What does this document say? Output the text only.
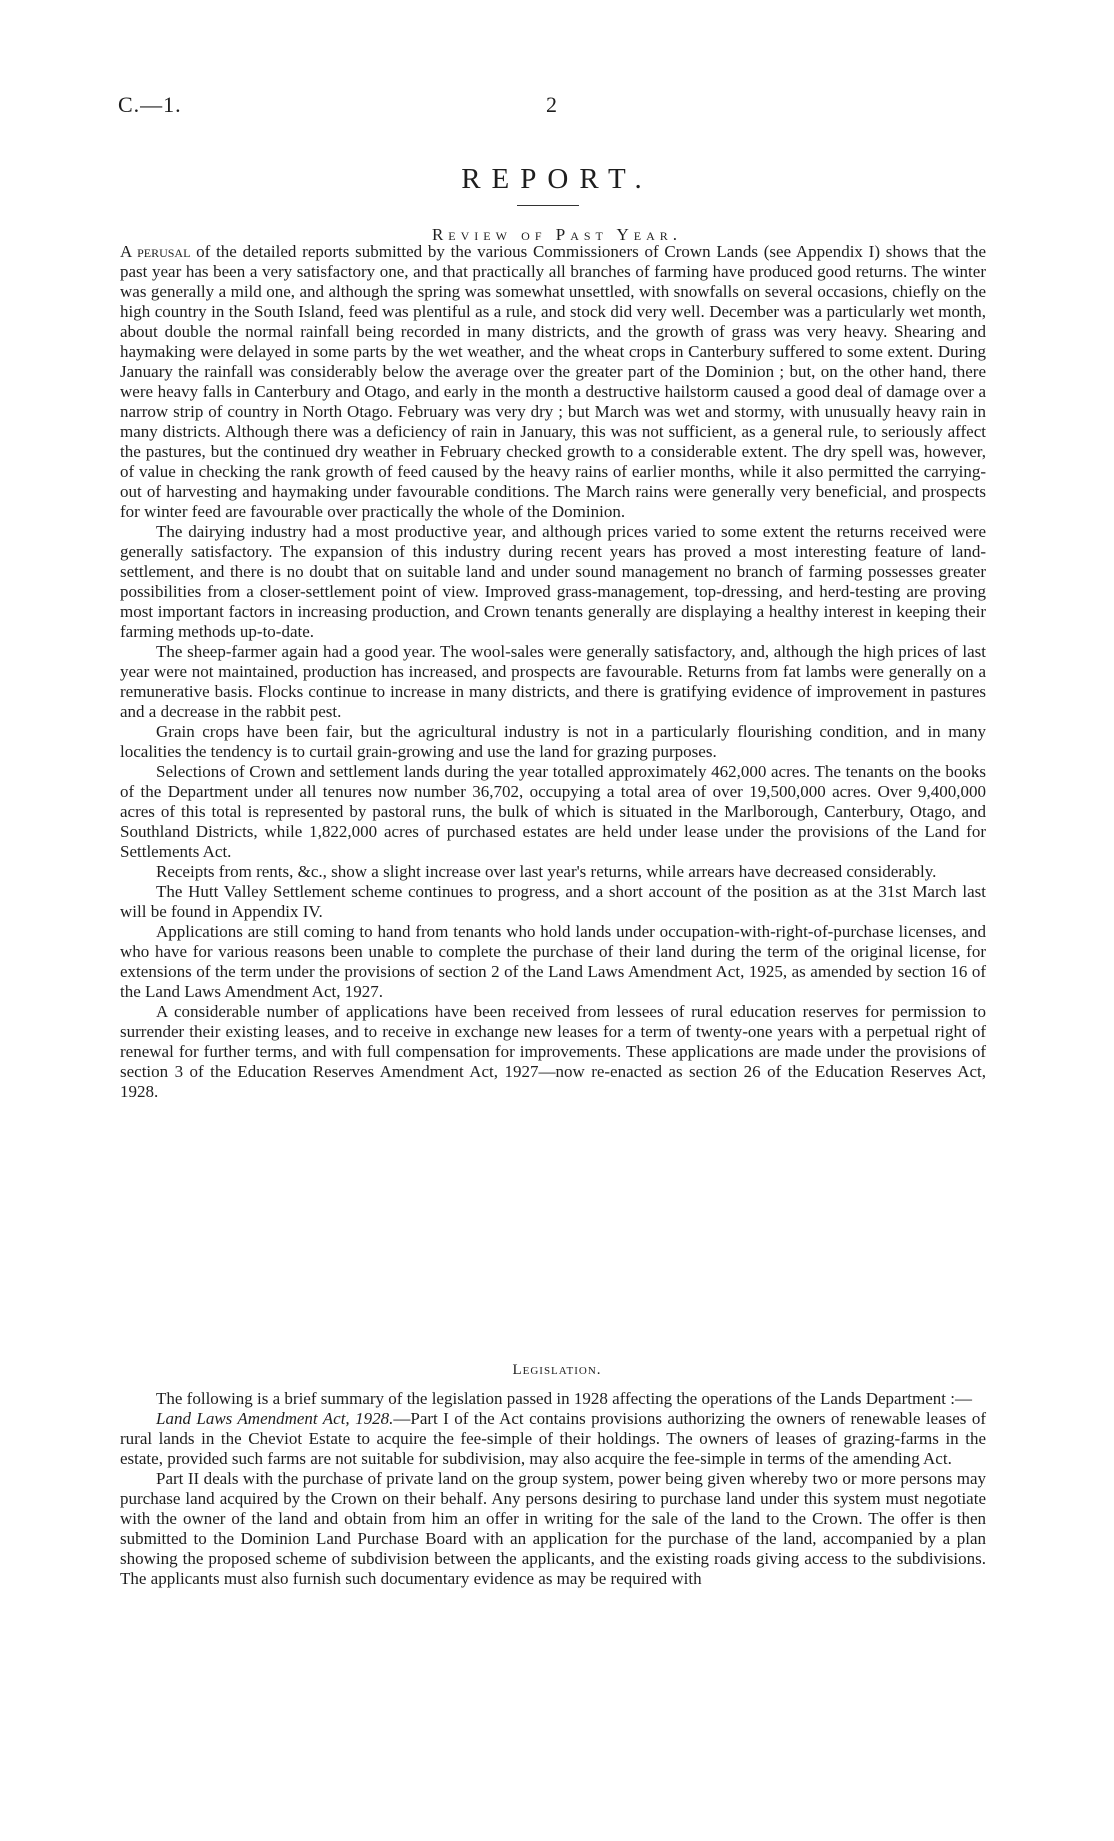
C.—1.	2
REPORT.
Review of Past Year.

A perusal of the detailed reports submitted by the various Commissioners of Crown Lands (see Appendix I) shows that the past year has been a very satisfactory one, and that practically all branches of farming have produced good returns. The winter was generally a mild one, and although the spring was somewhat unsettled, with snowfalls on several occasions, chiefly on the high country in the South Island, feed was plentiful as a rule, and stock did very well. December was a particularly wet month, about double the normal rainfall being recorded in many districts, and the growth of grass was very heavy. Shearing and haymaking were delayed in some parts by the wet weather, and the wheat crops in Canterbury suffered to some extent. During January the rainfall was considerably below the average over the greater part of the Dominion ; but, on the other hand, there were heavy falls in Canterbury and Otago, and early in the month a destructive hailstorm caused a good deal of damage over a narrow strip of country in North Otago. February was very dry ; but March was wet and stormy, with unusually heavy rain in many districts. Although there was a deficiency of rain in January, this was not sufficient, as a general rule, to seriously affect the pastures, but the continued dry weather in February checked growth to a considerable extent. The dry spell was, however, of value in checking the rank growth of feed caused by the heavy rains of earlier months, while it also permitted the carrying-out of harvesting and haymaking under favourable conditions. The March rains were generally very beneficial, and prospects for winter feed are favourable over practically the whole of the Dominion.

The dairying industry had a most productive year, and although prices varied to some extent the returns received were generally satisfactory. The expansion of this industry during recent years has proved a most interesting feature of land-settlement, and there is no doubt that on suitable land and under sound management no branch of farming possesses greater possibilities from a closer-settlement point of view. Improved grass-management, top-dressing, and herd-testing are proving most important factors in increasing production, and Crown tenants generally are displaying a healthy interest in keeping their farming methods up-to-date.

The sheep-farmer again had a good year. The wool-sales were generally satisfactory, and, although the high prices of last year were not maintained, production has increased, and prospects are favourable. Returns from fat lambs were generally on a remunerative basis. Flocks continue to increase in many districts, and there is gratifying evidence of improvement in pastures and a decrease in the rabbit pest.

Grain crops have been fair, but the agricultural industry is not in a particularly flourishing condition, and in many localities the tendency is to curtail grain-growing and use the land for grazing purposes.

Selections of Crown and settlement lands during the year totalled approximately 462,000 acres. The tenants on the books of the Department under all tenures now number 36,702, occupying a total area of over 19,500,000 acres. Over 9,400,000 acres of this total is represented by pastoral runs, the bulk of which is situated in the Marlborough, Canterbury, Otago, and Southland Districts, while 1,822,000 acres of purchased estates are held under lease under the provisions of the Land for Settlements Act.

Receipts from rents, &c., show a slight increase over last year's returns, while arrears have decreased considerably.

The Hutt Valley Settlement scheme continues to progress, and a short account of the position as at the 31st March last will be found in Appendix IV.

Applications are still coming to hand from tenants who hold lands under occupation-with-right-of-purchase licenses, and who have for various reasons been unable to complete the purchase of their land during the term of the original license, for extensions of the term under the provisions of section 2 of the Land Laws Amendment Act, 1925, as amended by section 16 of the Land Laws Amendment Act, 1927.

A considerable number of applications have been received from lessees of rural education reserves for permission to surrender their existing leases, and to receive in exchange new leases for a term of twenty-one years with a perpetual right of renewal for further terms, and with full compensation for improvements. These applications are made under the provisions of section 3 of the Education Reserves Amendment Act, 1927—now re-enacted as section 26 of the Education Reserves Act, 1928.

Legislation.

The following is a brief summary of the legislation passed in 1928 affecting the operations of the Lands Department :—

Land Laws Amendment Act, 1928.—Part I of the Act contains provisions authorizing the owners of renewable leases of rural lands in the Cheviot Estate to acquire the fee-simple of their holdings. The owners of leases of grazing-farms in the estate, provided such farms are not suitable for subdivision, may also acquire the fee-simple in terms of the amending Act.

Part II deals with the purchase of private land on the group system, power being given whereby two or more persons may purchase land acquired by the Crown on their behalf. Any persons desiring to purchase land under this system must negotiate with the owner of the land and obtain from him an offer in writing for the sale of the land to the Crown. The offer is then submitted to the Dominion Land Purchase Board with an application for the purchase of the land, accompanied by a plan showing the proposed scheme of subdivision between the applicants, and the existing roads giving access to the subdivisions. The applicants must also furnish such documentary evidence as may be required with
